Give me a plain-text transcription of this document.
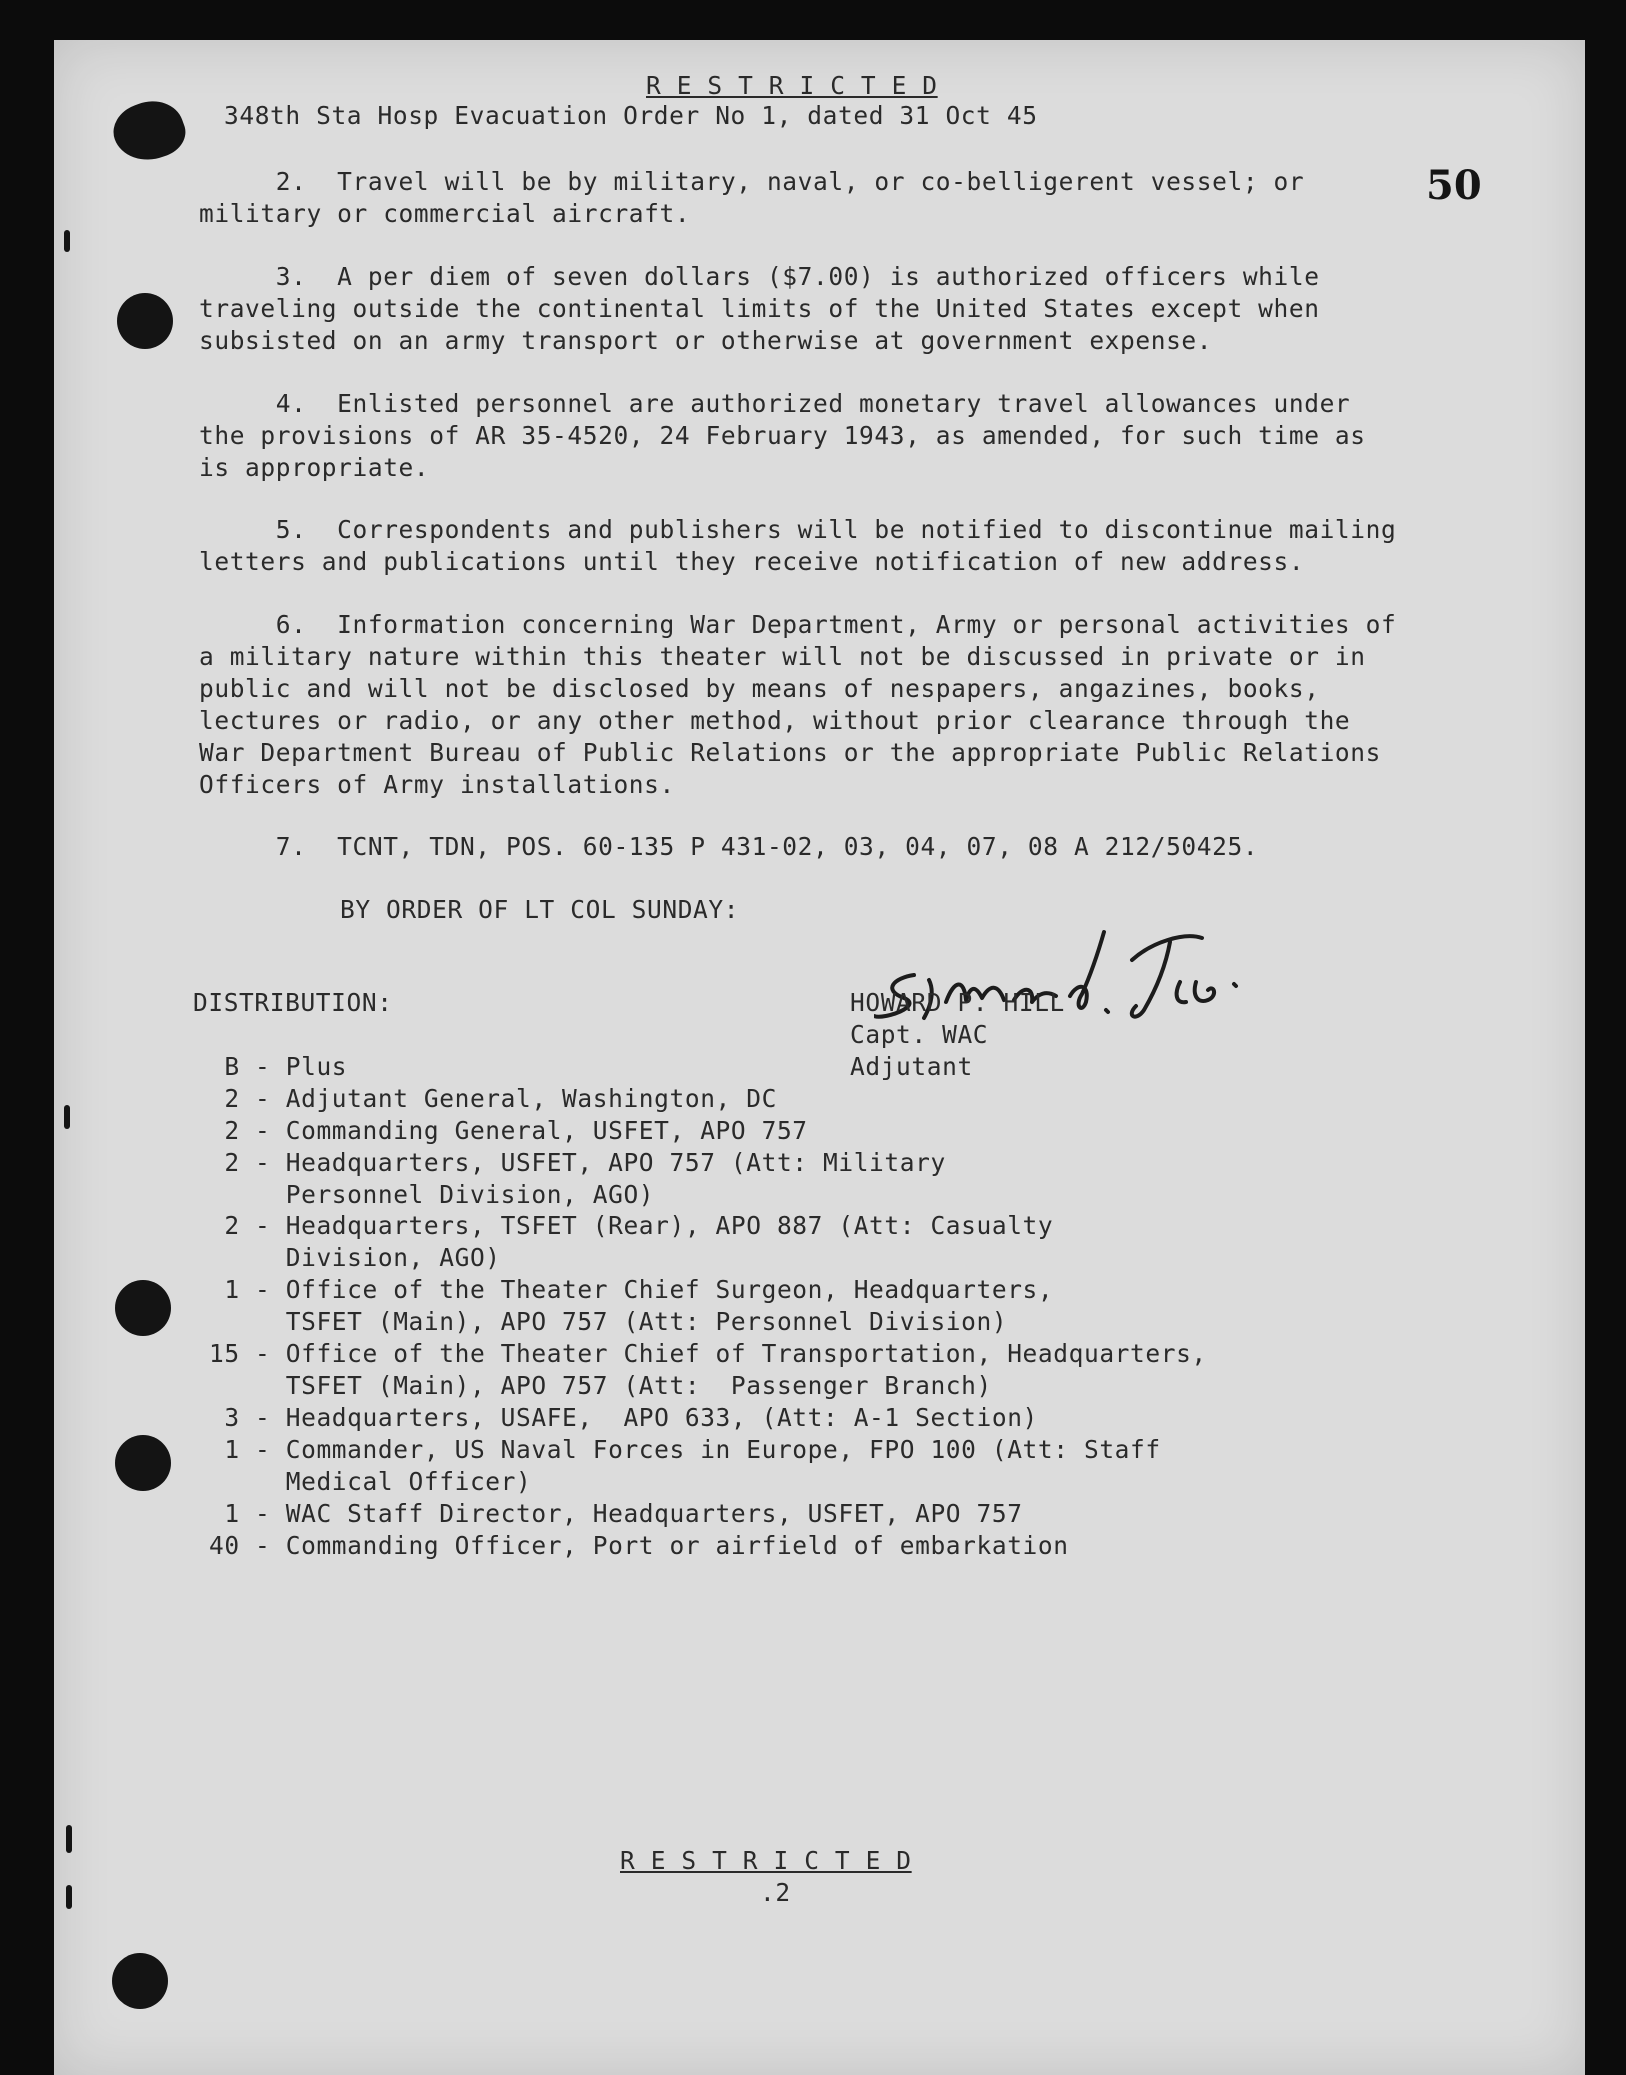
R E S T R I C T E D
348th Sta Hosp Evacuation Order No 1, dated 31 Oct 45
50
2.  Travel will be by military, naval, or co-belligerent vessel; or
military or commercial aircraft.
3.  A per diem of seven dollars ($7.00) is authorized officers while
traveling outside the continental limits of the United States except when
subsisted on an army transport or otherwise at government expense.
4.  Enlisted personnel are authorized monetary travel allowances under
the provisions of AR 35-4520, 24 February 1943, as amended, for such time as
is appropriate.
5.  Correspondents and publishers will be notified to discontinue mailing
letters and publications until they receive notification of new address.
6.  Information concerning War Department, Army or personal activities of
a military nature within this theater will not be discussed in private or in
public and will not be disclosed by means of nespapers, angazines, books,
lectures or radio, or any other method, without prior clearance through the
War Department Bureau of Public Relations or the appropriate Public Relations
Officers of Army installations.
7.  TCNT, TDN, POS. 60-135 P 431-02, 03, 04, 07, 08 A 212/50425.
BY ORDER OF LT COL SUNDAY:
DISTRIBUTION:	HOWARD P. HILL
Capt. WAC
Adjutant
B - Plus
2 - Adjutant General, Washington, DC
2 - Commanding General, USFET, APO 757
2 - Headquarters, USFET, APO 757 (Att: Military
Personnel Division, AGO)
2 - Headquarters, TSFET (Rear), APO 887 (Att: Casualty
Division, AGO)
1 - Office of the Theater Chief Surgeon, Headquarters,
TSFET (Main), APO 757 (Att: Personnel Division)
15 - Office of the Theater Chief of Transportation, Headquarters,
TSFET (Main), APO 757 (Att:  Passenger Branch)
3 - Headquarters, USAFE,  APO 633, (Att: A-1 Section)
1 - Commander, US Naval Forces in Europe, FPO 100 (Att: Staff
Medical Officer)
1 - WAC Staff Director, Headquarters, USFET, APO 757
40 - Commanding Officer, Port or airfield of embarkation
R E S T R I C T E D
.2
